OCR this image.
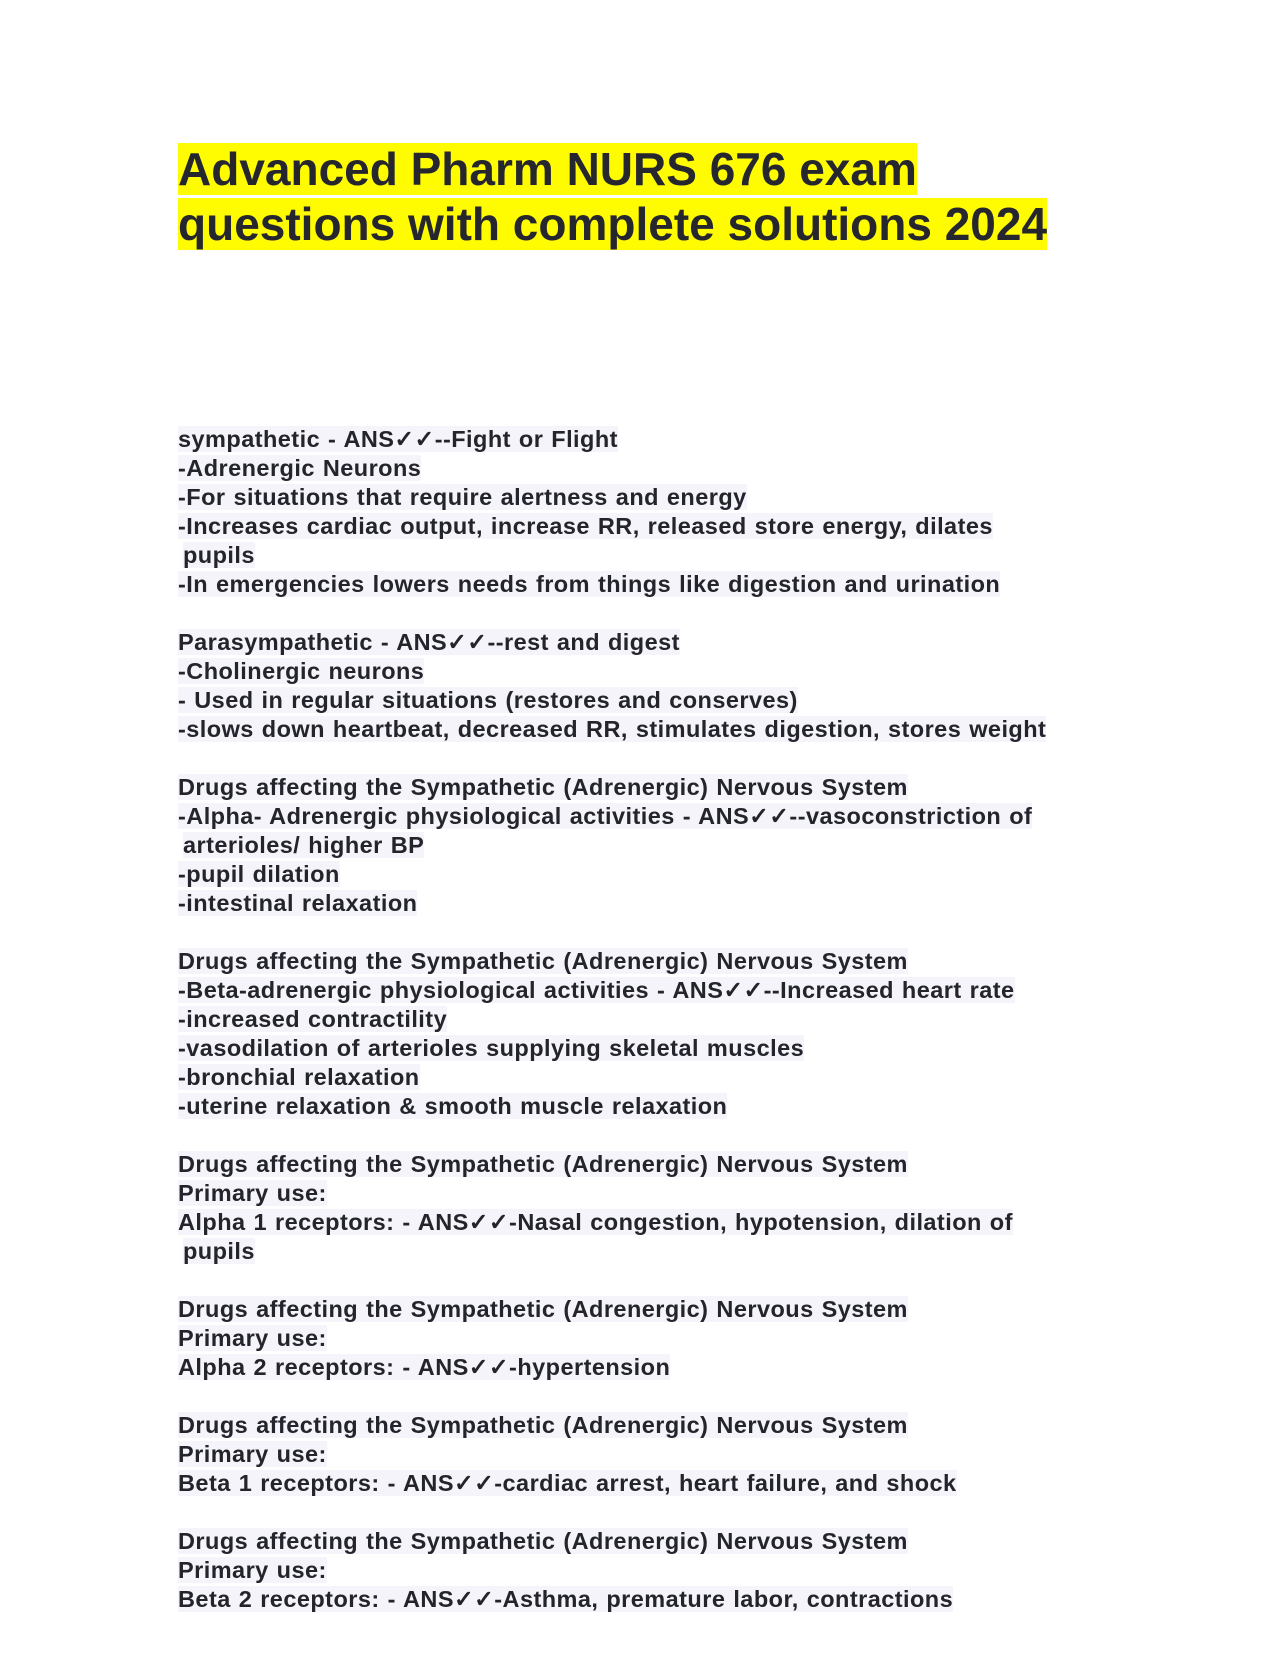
Advanced Pharm NURS 676 exam
questions with complete solutions 2024
sympathetic - ANS✓✓--Fight or Flight
-Adrenergic Neurons
-For situations that require alertness and energy
-Increases cardiac output, increase RR, released store energy, dilates
pupils
-In emergencies lowers needs from things like digestion and urination
Parasympathetic - ANS✓✓--rest and digest
-Cholinergic neurons
- Used in regular situations (restores and conserves)
-slows down heartbeat, decreased RR, stimulates digestion, stores weight
Drugs affecting the Sympathetic (Adrenergic) Nervous System
-Alpha- Adrenergic physiological activities - ANS✓✓--vasoconstriction of
arterioles/ higher BP
-pupil dilation
-intestinal relaxation
Drugs affecting the Sympathetic (Adrenergic) Nervous System
-Beta-adrenergic physiological activities - ANS✓✓--Increased heart rate
-increased contractility
-vasodilation of arterioles supplying skeletal muscles
-bronchial relaxation
-uterine relaxation & smooth muscle relaxation
Drugs affecting the Sympathetic (Adrenergic) Nervous System
Primary use:
Alpha 1 receptors: - ANS✓✓-Nasal congestion, hypotension, dilation of
pupils
Drugs affecting the Sympathetic (Adrenergic) Nervous System
Primary use:
Alpha 2 receptors: - ANS✓✓-hypertension
Drugs affecting the Sympathetic (Adrenergic) Nervous System
Primary use:
Beta 1 receptors: - ANS✓✓-cardiac arrest, heart failure, and shock
Drugs affecting the Sympathetic (Adrenergic) Nervous System
Primary use:
Beta 2 receptors: - ANS✓✓-Asthma, premature labor, contractions
